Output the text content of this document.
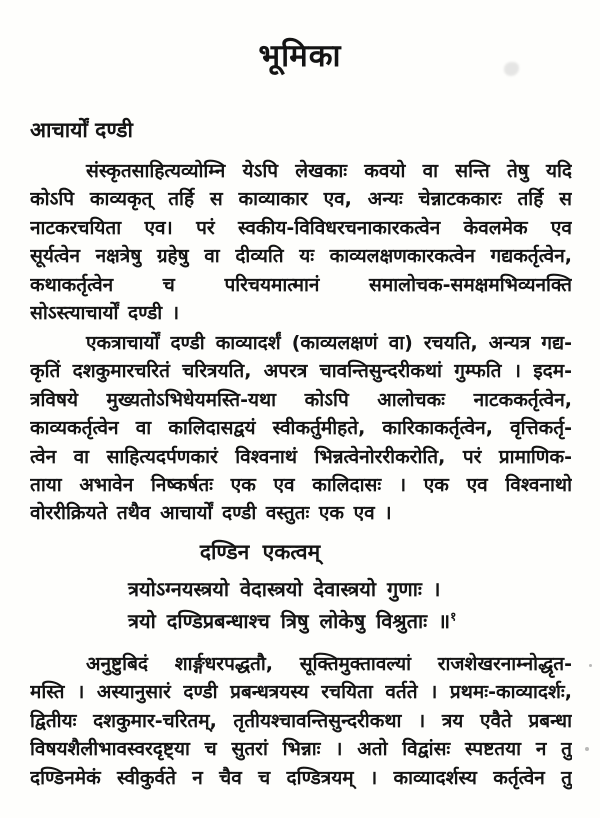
भूमिका
आचार्यों दण्डी
संस्कृतसाहित्यव्योम्नि येऽपि लेखकाः कवयो वा सन्ति तेषु यदि
कोऽपि काव्यकृत् तर्हि स काव्याकार एव, अन्यः चेन्नाटककारः तर्हि स
नाटकरचयिता एव। परं स्वकीय-विविधरचनाकारकत्वेन केवलमेक एव
सूर्यत्वेन नक्षत्रेषु ग्रहेषु वा दीव्यति यः काव्यलक्षणकारकत्वेन गद्यकर्तृत्वेन,
कथाकर्तृत्वेन च परिचयमात्मानं समालोचक-समक्षमभिव्यनक्ति
सोऽस्त्याचार्यों दण्डी ।
एकत्राचार्यों दण्डी काव्यादर्शं (काव्यलक्षणं वा) रचयति, अन्यत्र गद्य-
कृतिं दशकुमारचरितं चरित्रयति, अपरत्र चावन्तिसुन्दरीकथां गुम्फति । इदम-
त्रविषये मुख्यतोऽभिधेयमस्ति-यथा कोऽपि आलोचकः नाटककर्तृत्वेन,
काव्यकर्तृत्वेन वा कालिदासद्वयं स्वीकर्तुमीहते, कारिकाकर्तृत्वेन, वृत्तिकर्तृ-
त्वेन वा साहित्यदर्पणकारं विश्वनाथं भिन्नत्वेनोररीकरोति, परं प्रामाणिक-
ताया अभावेन निष्कर्षतः एक एव कालिदासः । एक एव विश्वनाथो
वोररीक्रियते तथैव आचार्यों दण्डी वस्तुतः एक एव ।
दण्डिन एकत्वम्
त्रयोऽग्नयस्त्रयो वेदास्त्रयो देवास्त्रयो गुणाः ।
त्रयो दण्डिप्रबन्धाश्च त्रिषु लोकेषु विश्रुताः ॥$^१$
अनुष्टुबिदं शार्ङ्गधरपद्धतौ, सूक्तिमुक्तावल्यां राजशेखरनाम्नोद्धृत-
मस्ति । अस्यानुसारं दण्डी प्रबन्धत्रयस्य रचयिता वर्तते । प्रथमः-काव्यादर्शः,
द्वितीयः दशकुमार-चरितम्, तृतीयश्चावन्तिसुन्दरीकथा । त्रय एवैते प्रबन्धा
विषयशैलीभावस्वरदृष्ट्या च सुतरां भिन्नाः । अतो विद्वांसः स्पष्टतया न तु
दण्डिनमेकं स्वीकुर्वते न चैव च दण्डित्रयम् । काव्यादर्शस्य कर्तृत्वेन तु
